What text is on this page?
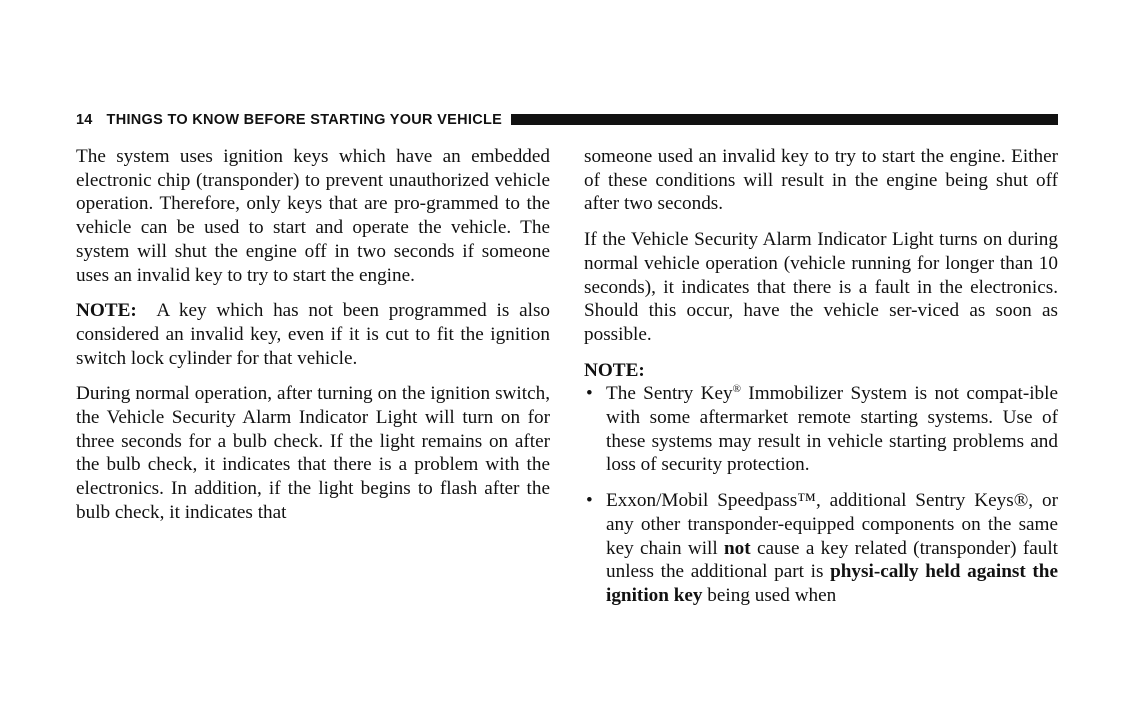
14 THINGS TO KNOW BEFORE STARTING YOUR VEHICLE

The system uses ignition keys which have an embedded electronic chip (transponder) to prevent unauthorized vehicle operation. Therefore, only keys that are pro-grammed to the vehicle can be used to start and operate the vehicle. The system will shut the engine off in two seconds if someone uses an invalid key to try to start the engine.

NOTE: A key which has not been programmed is also considered an invalid key, even if it is cut to fit the ignition switch lock cylinder for that vehicle.

During normal operation, after turning on the ignition switch, the Vehicle Security Alarm Indicator Light will turn on for three seconds for a bulb check. If the light remains on after the bulb check, it indicates that there is a problem with the electronics. In addition, if the light begins to flash after the bulb check, it indicates that

someone used an invalid key to try to start the engine. Either of these conditions will result in the engine being shut off after two seconds.

If the Vehicle Security Alarm Indicator Light turns on during normal vehicle operation (vehicle running for longer than 10 seconds), it indicates that there is a fault in the electronics. Should this occur, have the vehicle ser-viced as soon as possible.

NOTE:
• The Sentry Key® Immobilizer System is not compat-ible with some aftermarket remote starting systems. Use of these systems may result in vehicle starting problems and loss of security protection.
• Exxon/Mobil Speedpass™, additional Sentry Keys®, or any other transponder-equipped components on the same key chain will not cause a key related (transponder) fault unless the additional part is physi-cally held against the ignition key being used when
